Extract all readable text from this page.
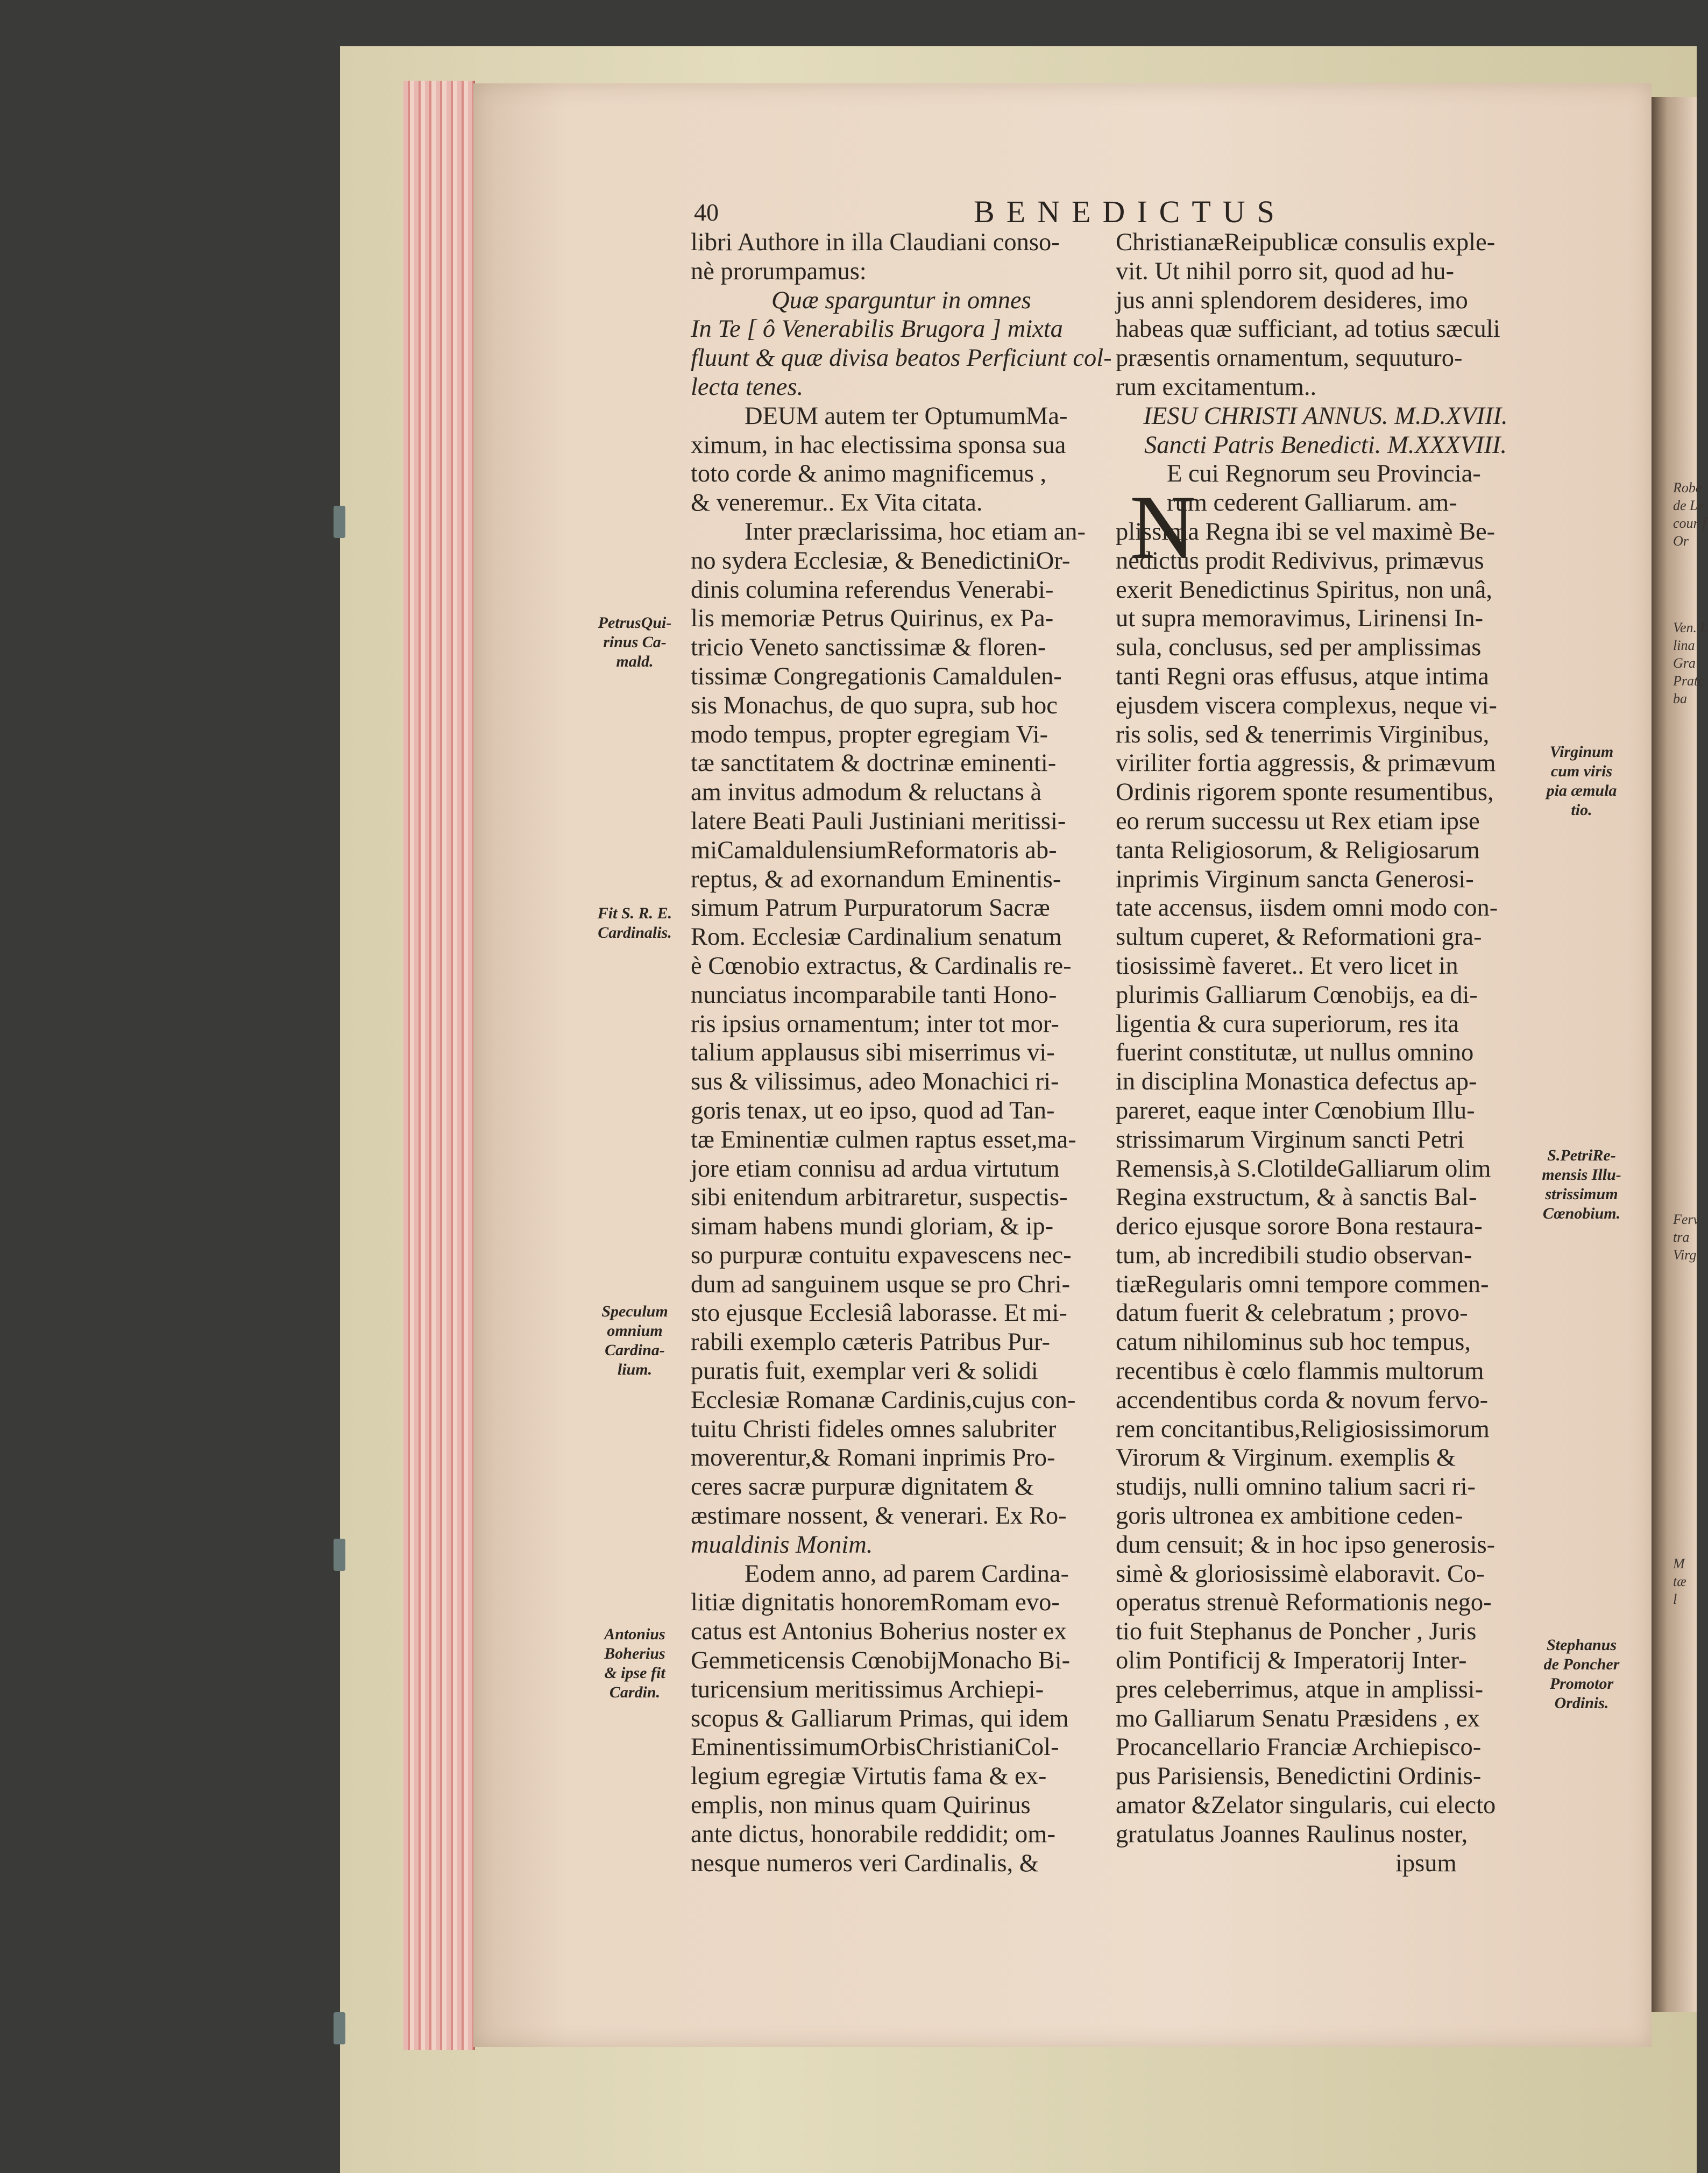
40	BENEDICTUS
libri Authore in illa Claudiani conso-
nè prorumpamus:
Quæ sparguntur in omnes
In Te [ ô Venerabilis Brugora ] mixta
fluunt & quæ divisa beatos Perficiunt col-
lecta tenes.
DEUM autem ter OptumumMa-
ximum, in hac electissima sponsa sua
toto corde & animo magnificemus ,
& veneremur.. Ex Vita citata.
Inter præclarissima, hoc etiam an-
no sydera Ecclesiæ, & BenedictiniOr-
dinis columina referendus Venerabi-
lis memoriæ Petrus Quirinus, ex Pa-
tricio Veneto sanctissimæ & floren-
tissimæ Congregationis Camaldulen-
sis Monachus, de quo supra, sub hoc
modo tempus, propter egregiam Vi-
tæ sanctitatem & doctrinæ eminenti-
am invitus admodum & reluctans à
latere Beati Pauli Justiniani meritissi-
miCamaldulensiumReformatoris ab-
reptus, & ad exornandum Eminentis-
simum Patrum Purpuratorum Sacræ
Rom. Ecclesiæ Cardinalium senatum
è Cœnobio extractus, & Cardinalis re-
nunciatus incomparabile tanti Hono-
ris ipsius ornamentum; inter tot mor-
talium applausus sibi miserrimus vi-
sus & vilissimus, adeo Monachici ri-
goris tenax, ut eo ipso, quod ad Tan-
tæ Eminentiæ culmen raptus esset,ma-
jore etiam connisu ad ardua virtutum
sibi enitendum arbitraretur, suspectis-
simam habens mundi gloriam, & ip-
so purpuræ contuitu expavescens nec-
dum ad sanguinem usque se pro Chri-
sto ejusque Ecclesiâ laborasse. Et mi-
rabili exemplo cæteris Patribus Pur-
puratis fuit, exemplar veri & solidi
Ecclesiæ Romanæ Cardinis,cujus con-
tuitu Christi fideles omnes salubriter
moverentur,& Romani inprimis Pro-
ceres sacræ purpuræ dignitatem &
æstimare nossent, & venerari. Ex Ro-
mualdinis Monim.
Eodem anno, ad parem Cardina-
litiæ dignitatis honoremRomam evo-
catus est Antonius Boherius noster ex
Gemmeticensis CœnobijMonacho Bi-
turicensium meritissimus Archiepi-
scopus & Galliarum Primas, qui idem
EminentissimumOrbisChristianiCol-
legium egregiæ Virtutis fama & ex-
emplis, non minus quam Quirinus
ante dictus, honorabile reddidit; om-
nesque numeros veri Cardinalis, &
ChristianæReipublicæ consulis exple-
vit. Ut nihil porro sit, quod ad hu-
jus anni splendorem desideres, imo
habeas quæ sufficiant, ad totius sæculi
præsentis ornamentum, sequuturo-
rum excitamentum..
IESU CHRISTI ANNUS. M.D.XVIII.
Sancti Patris Benedicti. M.XXXVIII.
E cui Regnorum seu Provincia-
rum cederent Galliarum. am-
plissima Regna ibi se vel maximè Be-
nedictus prodit Redivivus, primævus
exerit Benedictinus Spiritus, non unâ,
ut supra memoravimus, Lirinensi In-
sula, conclusus, sed per amplissimas
tanti Regni oras effusus, atque intima
ejusdem viscera complexus, neque vi-
ris solis, sed & tenerrimis Virginibus,
viriliter fortia aggressis, & primævum
Ordinis rigorem sponte resumentibus,
eo rerum successu ut Rex etiam ipse
tanta Religiosorum, & Religiosarum
inprimis Virginum sancta Generosi-
tate accensus, iisdem omni modo con-
sultum cuperet, & Reformationi gra-
tiosissimè faveret.. Et vero licet in
plurimis Galliarum Cœnobijs, ea di-
ligentia & cura superiorum, res ita
fuerint constitutæ, ut nullus omnino
in disciplina Monastica defectus ap-
pareret, eaque inter Cœnobium Illu-
strissimarum Virginum sancti Petri
Remensis,à S.ClotildeGalliarum olim
Regina exstructum, & à sanctis Bal-
derico ejusque sorore Bona restaura-
tum, ab incredibili studio observan-
tiæRegularis omni tempore commen-
datum fuerit & celebratum ; provo-
catum nihilominus sub hoc tempus,
recentibus è cœlo flammis multorum
accendentibus corda & novum fervo-
rem concitantibus,Religiosissimorum
Virorum & Virginum. exemplis &
studijs, nulli omnino talium sacri ri-
goris ultronea ex ambitione ceden-
dum censuit; & in hoc ipso generosis-
simè & gloriosissimè elaboravit. Co-
operatus strenuè Reformationis nego-
tio fuit Stephanus de Poncher , Juris
olim Pontificij & Imperatorij Inter-
pres celeberrimus, atque in amplissi-
mo Galliarum Senatu Præsidens , ex
Procancellario Franciæ Archiepisco-
pus Parisiensis, Benedictini Ordinis-
amator &Zelator singularis, cui electo
gratulatus Joannes Raulinus noster,
ipsum
N
PetrusQui-
rinus Ca-
mald.
Fit S. R. E.
Cardinalis.
Speculum
omnium
Cardina-
lium.
Antonius
Boherius
& ipse fit
Cardin.
Virginum
cum viris
pia æmula
tio.
S.PetriRe-
mensis Illu-
strissimum
Cœnobium.
Stephanus
de Poncher
Promotor
Ordinis.
Robe
de Le
cour f
Or
Ven. L
lina
Gra
Pratc
ba
Ferv
tra
Virg
M
tæ
l
